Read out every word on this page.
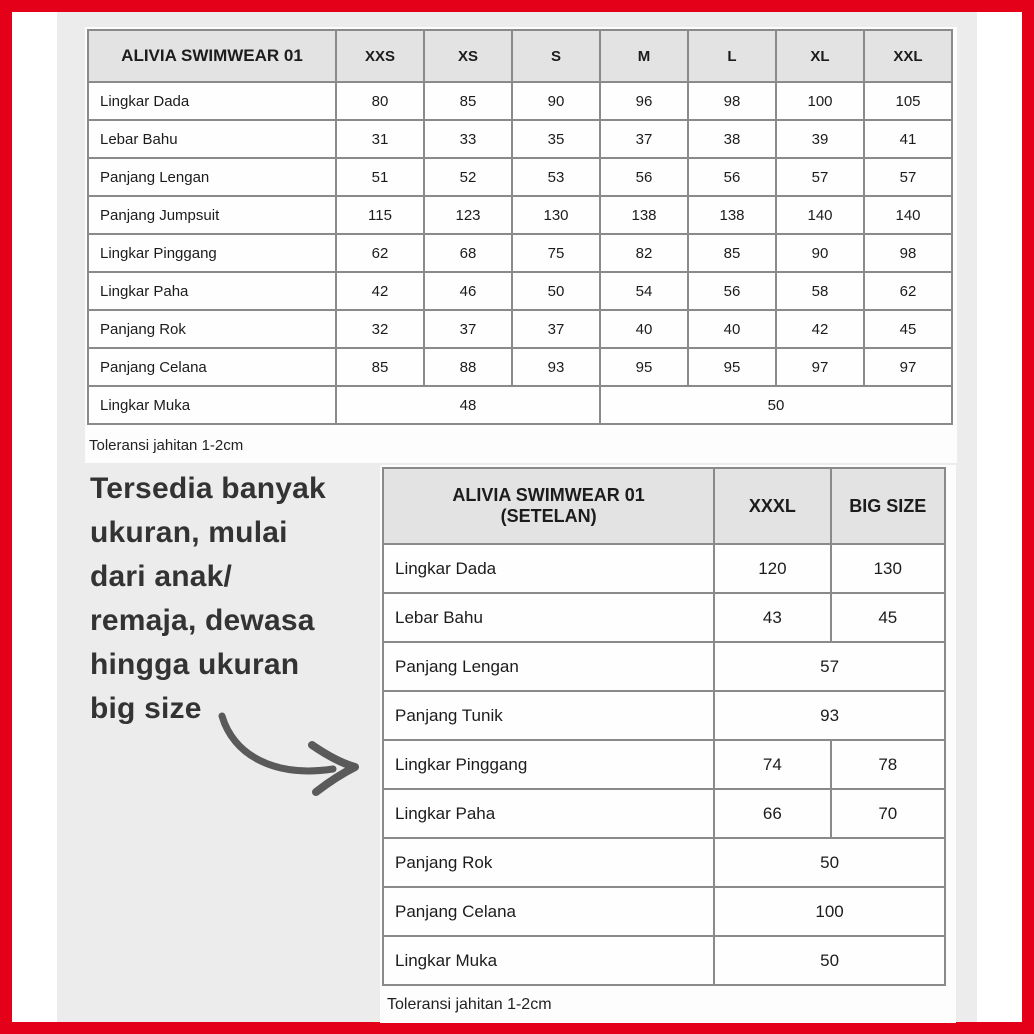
ALIVIA SWIMWEAR 01	XXS	XS	S	M	L	XL	XXL
Lingkar Dada	80	85	90	96	98	100	105
Lebar Bahu	31	33	35	37	38	39	41
Panjang Lengan	51	52	53	56	56	57	57
Panjang Jumpsuit	115	123	130	138	138	140	140
Lingkar Pinggang	62	68	75	82	85	90	98
Lingkar Paha	42	46	50	54	56	58	62
Panjang Rok	32	37	37	40	40	42	45
Panjang Celana	85	88	93	95	95	97	97
Lingkar Muka	48			50			
Toleransi jahitan 1-2cm
Tersedia banyak
ukuran, mulai
dari anak/
remaja, dewasa
hingga ukuran
big size
ALIVIA SWIMWEAR 01
(SETELAN)	XXXL	BIG SIZE
Lingkar Dada	120	130
Lebar Bahu	43	45
Panjang Lengan	57	
Panjang Tunik	93	
Lingkar Pinggang	74	78
Lingkar Paha	66	70
Panjang Rok	50	
Panjang Celana	100	
Lingkar Muka	50	
Toleransi jahitan 1-2cm
